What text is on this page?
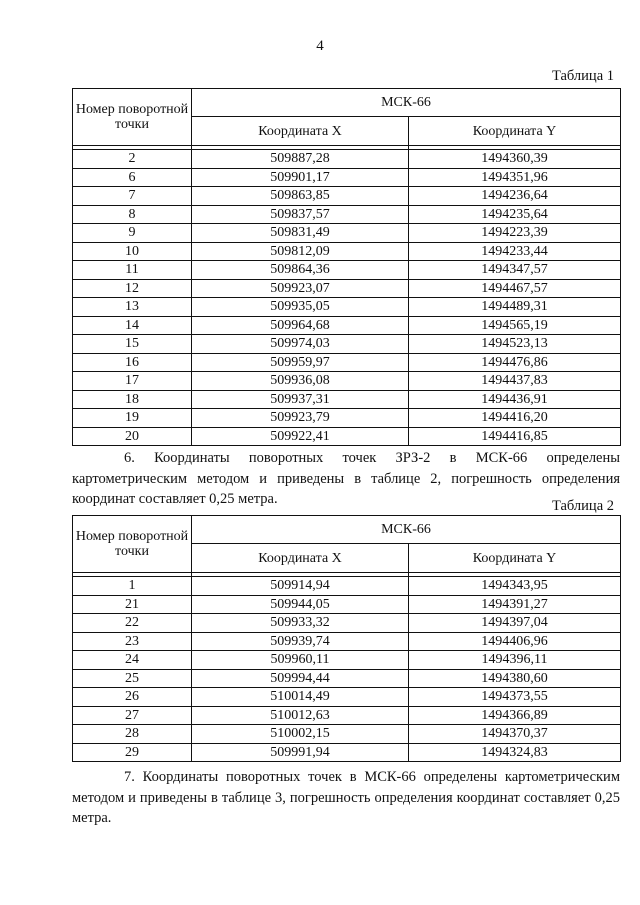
4
Таблица 1
Номер поворотной точки	МСК-66	
	Координата X	Координата Y

2	509887,28	1494360,39
6	509901,17	1494351,96
7	509863,85	1494236,64
8	509837,57	1494235,64
9	509831,49	1494223,39
10	509812,09	1494233,44
11	509864,36	1494347,57
12	509923,07	1494467,57
13	509935,05	1494489,31
14	509964,68	1494565,19
15	509974,03	1494523,13
16	509959,97	1494476,86
17	509936,08	1494437,83
18	509937,31	1494436,91
19	509923,79	1494416,20
20	509922,41	1494416,85

6. Координаты поворотных точек ЗРЗ-2 в МСК-66 определены картометрическим методом и приведены в таблице 2, погрешность определения координат составляет 0,25 метра.	Таблица 2
Номер поворотной точки	МСК-66	
	Координата X	Координата Y

1	509914,94	1494343,95
21	509944,05	1494391,27
22	509933,32	1494397,04
23	509939,74	1494406,96
24	509960,11	1494396,11
25	509994,44	1494380,60
26	510014,49	1494373,55
27	510012,63	1494366,89
28	510002,15	1494370,37
29	509991,94	1494324,83

7. Координаты поворотных точек в МСК-66 определены картометрическим методом и приведены в таблице 3, погрешность определения координат составляет 0,25 метра.
